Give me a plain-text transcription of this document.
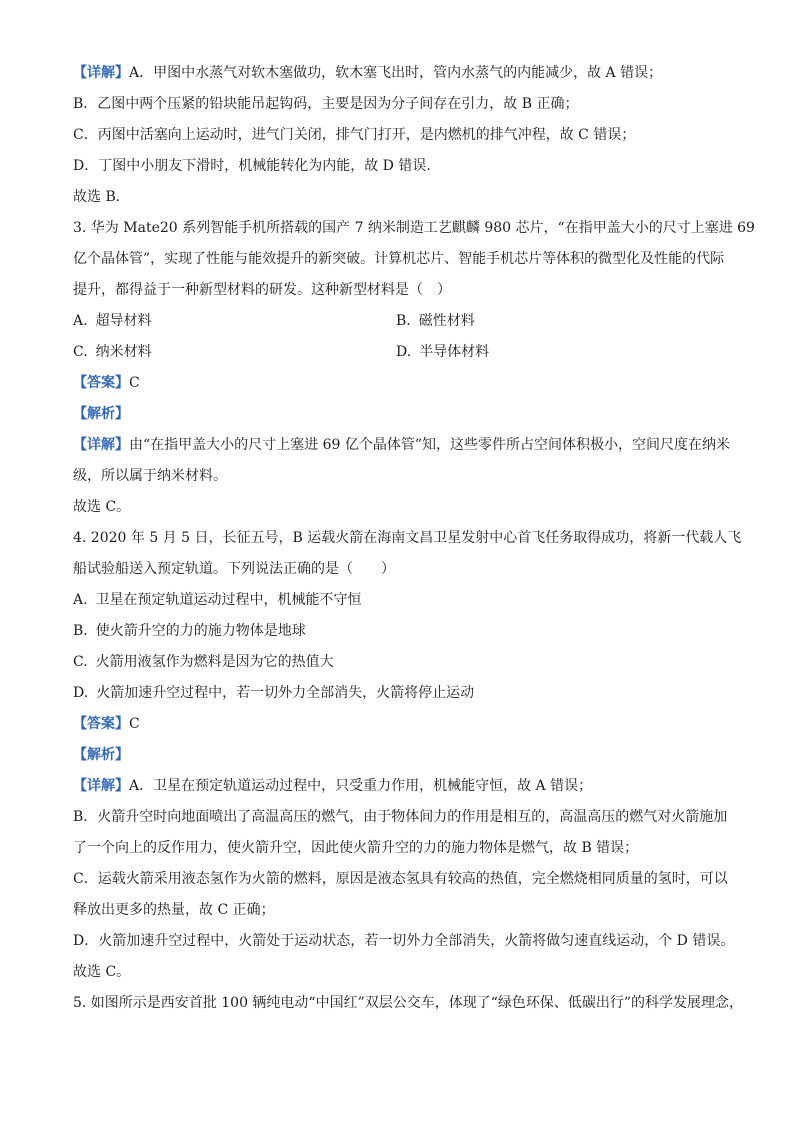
【详解】A．甲图中水蒸气对软木塞做功，软木塞飞出时，管内水蒸气的内能减少，故 A 错误；
B．乙图中两个压紧的铅块能吊起钩码，主要是因为分子间存在引力，故 B 正确；
C．丙图中活塞向上运动时，进气门关闭，排气门打开，是内燃机的排气冲程，故 C 错误；
D．丁图中小朋友下滑时，机械能转化为内能，故 D 错误．
故选 B．
3. 华为 Mate20 系列智能手机所搭载的国产 7 纳米制造工艺麒麟 980 芯片，“在指甲盖大小的尺寸上塞进 69
亿个晶体管”，实现了性能与能效提升的新突破。计算机芯片、智能手机芯片等体积的微型化及性能的代际
提升，都得益于一种新型材料的研发。这种新型材料是（　）
A. 超导材料	B. 磁性材料
C. 纳米材料	D. 半导体材料
【答案】C
【解析】
【详解】由“在指甲盖大小的尺寸上塞进 69 亿个晶体管”知，这些零件所占空间体积极小，空间尺度在纳米
级，所以属于纳米材料。
故选 C。
4. 2020 年 5 月 5 日，长征五号，B 运载火箭在海南文昌卫星发射中心首飞任务取得成功，将新一代载人飞
船试验船送入预定轨道。下列说法正确的是（　　）
A. 卫星在预定轨道运动过程中，机械能不守恒
B. 使火箭升空的力的施力物体是地球
C. 火箭用液氢作为燃料是因为它的热值大
D. 火箭加速升空过程中，若一切外力全部消失，火箭将停止运动
【答案】C
【解析】
【详解】A．卫星在预定轨道运动过程中，只受重力作用，机械能守恒，故 A 错误；
B．火箭升空时向地面喷出了高温高压的燃气，由于物体间力的作用是相互的，高温高压的燃气对火箭施加
了一个向上的反作用力，使火箭升空，因此使火箭升空的力的施力物体是燃气，故 B 错误；
C．运载火箭采用液态氢作为火箭的燃料，原因是液态氢具有较高的热值，完全燃烧相同质量的氢时，可以
释放出更多的热量，故 C 正确；
D．火箭加速升空过程中，火箭处于运动状态，若一切外力全部消失，火箭将做匀速直线运动，个 D 错误。
故选 C。
5. 如图所示是西安首批 100 辆纯电动“中国红”双层公交车，体现了“绿色环保、低碳出行”的科学发展理念，
